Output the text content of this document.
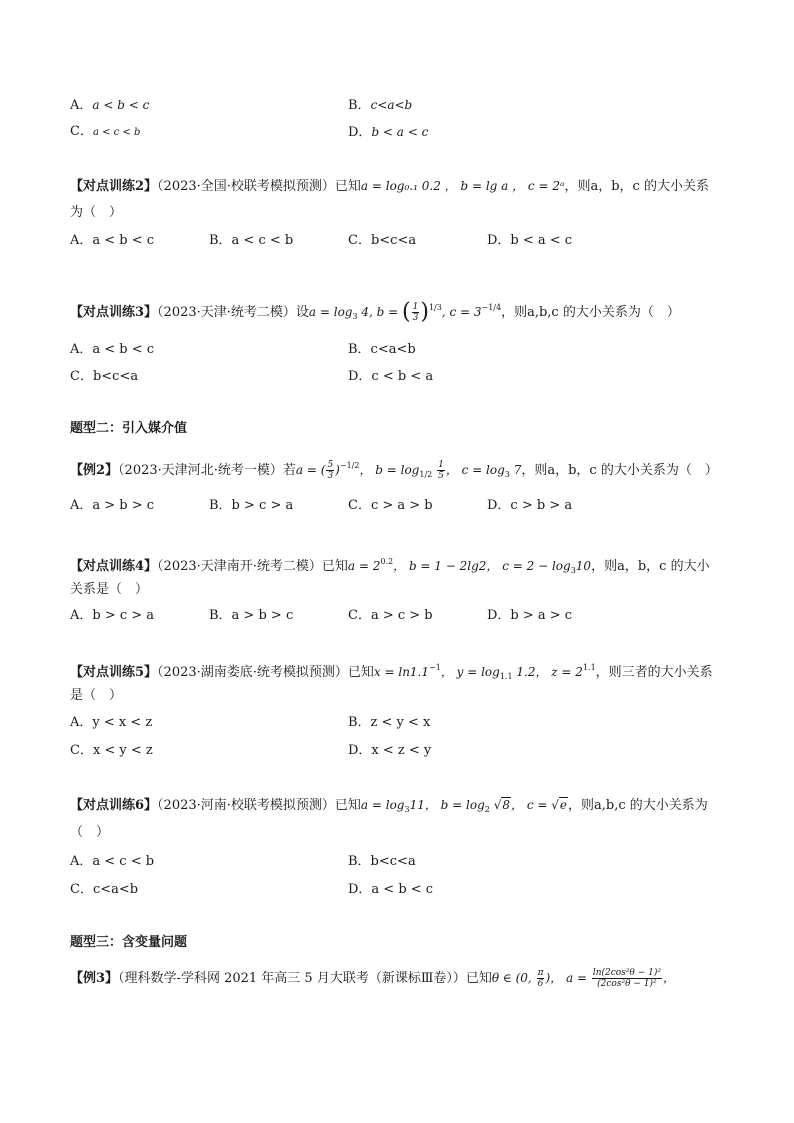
A．a < b < c	B．c<a<b
C．a < c < b	D．b < a < c
【对点训练2】（2023·全国·校联考模拟预测）已知a = log₀.₁ 0.2 ， b = lg a ， c = 2ᵃ，则a，b，c 的大小关系
为（　）
A．a < b < c	B．a < c < b	C．b<c<a	D．b < a < c
【对点训练3】（2023·天津·统考二模）设$a = \log_3 4$, b = ( $\frac{1}{3} )^{1/3}$, $c = 3^{-1/4}$，则a,b,c 的大小关系为（　）
A．a < b < c	B．c<a<b
C．b<c<a	D．c < b < a
题型二：引入媒介值
【例2】（2023·天津河北·统考一模）若a = ( $\frac{5}{3} )^{-1/2}$， $b = \log_{1/2} \frac{1}{5}$ ， $c = \log_3 7$，则a，b，c 的大小关系为（　）
A．a > b > c	B．b > c > a	C．c > a > b	D．c > b > a
【对点训练4】（2023·天津南开·统考二模）已知$a = 2^{0.2}$， b = 1 − 2lg2， $c = 2 - \log_310$，则a，b，c 的大小
关系是（　）
A．b > c > a	B．a > b > c	C．a > c > b	D．b > a > c
【对点训练5】（2023·湖南娄底·统考模拟预测）已知$x = \ln 1.1^{-1}$， $y = \log_{1.1} 1.2$， $z = 2^{1.1}$，则三者的大小关系
是（　）
A．y < x < z	B．z < y < x
C．x < y < z	D．x < z < y
【对点训练6】（2023·河南·校联考模拟预测）已知$a = \log_311$， $b = \log_2 √8$， c = √e，则a,b,c 的大小关系为
（　）
A．a < c < b	B．b<c<a
C．c<a<b	D．a < b < c
题型三：含变量问题
【例3】（理科数学-学科网 2021 年高三 5 月大联考（新课标Ⅲ卷））已知θ ∈ (0, $\frac{\pi}{6}$ )， $a = \frac{\text{ln(2cos²θ − 1)²}}{\text{(2cos²θ − 1)²}}$ ，
